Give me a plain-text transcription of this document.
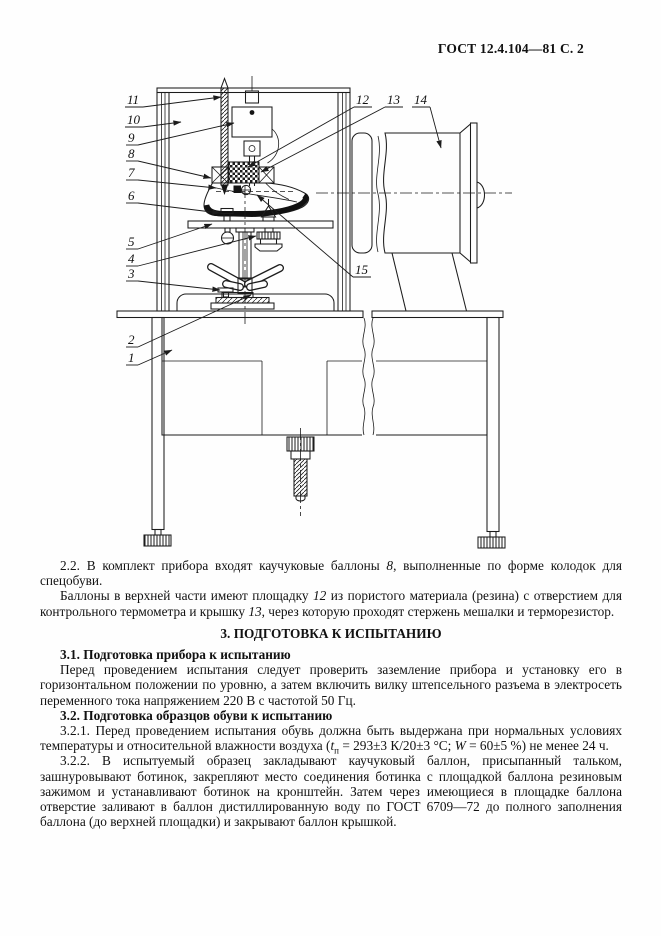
ГОСТ 12.4.104—81 С. 2
11
10
9
8
7
6
5
4
3
2
1
12 13 14
15

2.2. В комплект прибора входят каучуковые баллоны 8, выполненные по форме колодок для спецобуви.

Баллоны в верхней части имеют площадку 12 из пористого материала (резина) с отверстием для контрольного термометра и крышку 13, через которую проходят стержень мешалки и терморезистор.

3. ПОДГОТОВКА К ИСПЫТАНИЮ

3.1. Подготовка прибора к испытанию

Перед проведением испытания следует проверить заземление прибора и установку его в горизонтальном положении по уровню, а затем включить вилку штепсельного разъема в электросеть переменного тока напряжением 220 В с частотой 50 Гц.

3.2. Подготовка образцов обуви к испытанию

3.2.1. Перед проведением испытания обувь должна быть выдержана при нормальных условиях температуры и относительной влажности воздуха ($t_п = 293\pm 3$ К/20±3 °С; W = 60±5 %) не менее 24 ч.

3.2.2. В испытуемый образец закладывают каучуковый баллон, присыпанный тальком, зашнуровывают ботинок, закрепляют место соединения ботинка с площадкой баллона резиновым зажимом и устанавливают ботинок на кронштейн. Затем через имеющиеся в площадке баллона отверстие заливают в баллон дистиллированную воду по ГОСТ 6709—72 до полного заполнения баллона (до верхней площадки) и закрывают баллон крышкой.
